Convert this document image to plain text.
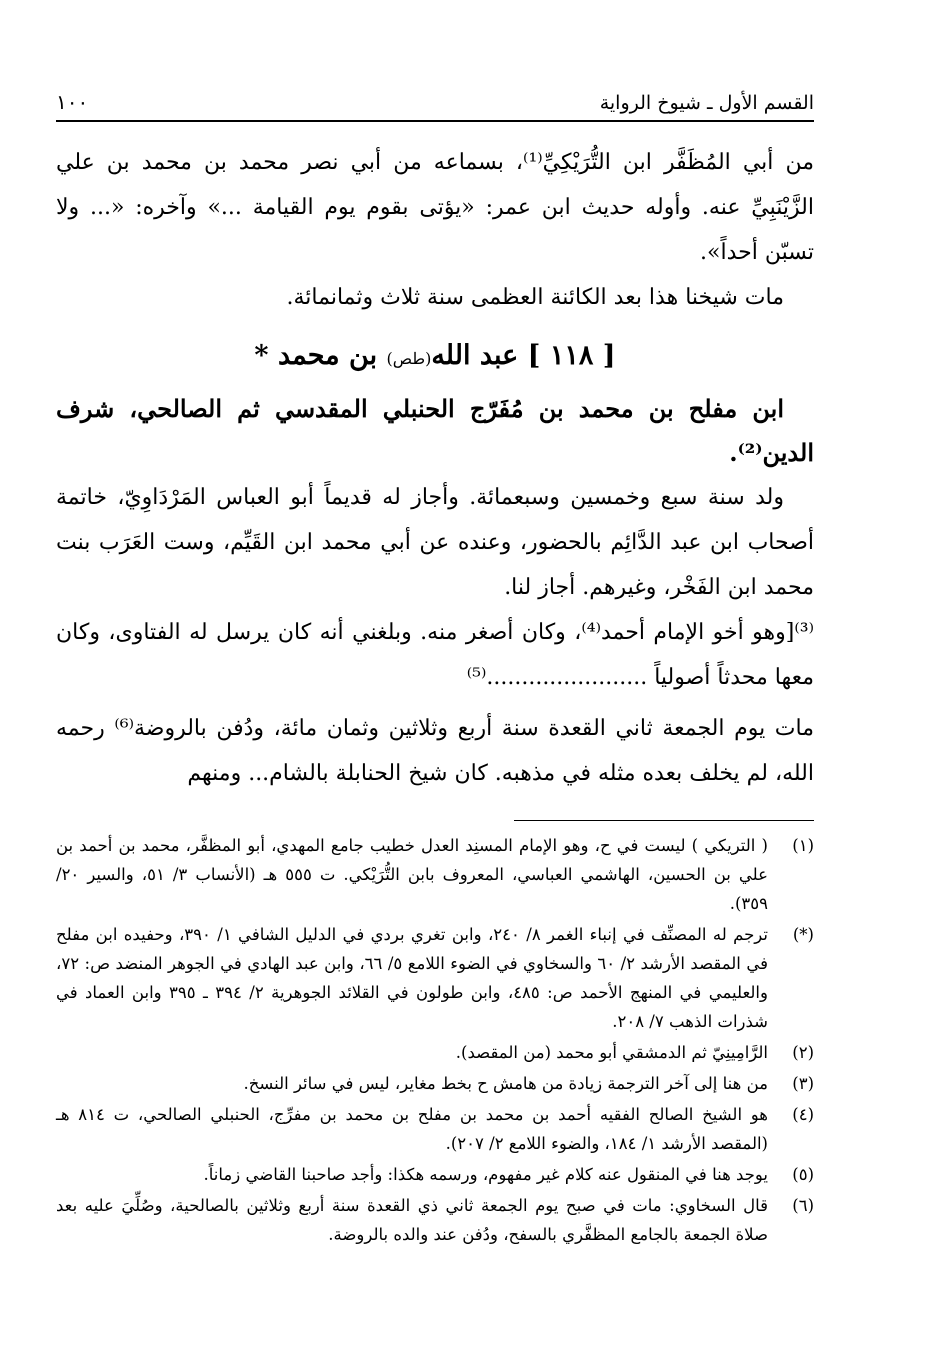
القسم الأول ـ شيوخ الرواية
١٠٠

من أبي المُظَفَّر ابن التُّرَيْكِيِّ⁽¹⁾، بسماعه من أبي نصر محمد بن محمد بن علي الزَّيْنَبِيِّ عنه. وأوله حديث ابن عمر: «يؤتى بقوم يوم القيامة ...» وآخره: «... ولا تسبّن أحداً».

مات شيخنا هذا بعد الكائنة العظمى سنة ثلاث وثمانمائة.

[ ١١٨ ] عبد الله(طص) بن محمد *

ابن مفلح بن محمد بن مُفَرّج الحنبلي المقدسي ثم الصالحي، شرف الدين⁽²⁾.

ولد سنة سبع وخمسين وسبعمائة. وأجاز له قديماً أبو العباس المَرْدَاوِيّ، خاتمة أصحاب ابن عبد الدَّائِم بالحضور، وعنده عن أبي محمد ابن القَيِّم، وست العَرَب بنت محمد ابن الفَخْر، وغيرهم. أجاز لنا.

⁽³⁾[وهو أخو الإمام أحمد⁽⁴⁾، وكان أصغر منه. وبلغني أنه كان يرسل له الفتاوى، وكان معها محدثاً أصولياً .......................⁽⁵⁾

مات يوم الجمعة ثاني القعدة سنة أربع وثلاثين وثمان مائة، ودُفن بالروضة⁽⁶⁾ رحمه الله، لم يخلف بعده مثله في مذهبه. كان شيخ الحنابلة بالشام... ومنهم

(١)
( التريكي ) ليست في ح، وهو الإمام المسنِد العدل خطيب جامع المهدي، أبو المظفَّر، محمد بن أحمد بن علي بن الحسين، الهاشمي العباسي، المعروف بابن التُّرَيْكي. ت ٥٥٥ هـ (الأنساب ٣/ ٥١، والسير ٢٠/ ٣٥٩).
(*)
ترجم له المصنِّف في إنباء الغمر ٨/ ٢٤٠، وابن تغري بردي في الدليل الشافي ١/ ٣٩٠، وحفيده ابن مفلح في المقصد الأرشد ٢/ ٦٠ والسخاوي في الضوء اللامع ٥/ ٦٦، وابن عبد الهادي في الجوهر المنضد ص: ٧٢، والعليمي في المنهج الأحمد ص: ٤٨٥، وابن طولون في القلائد الجوهرية ٢/ ٣٩٤ ـ ٣٩٥ وابن العماد في شذرات الذهب ٧/ ٢٠٨.
(٢)
الرَّامِينِيّ ثم الدمشقي أبو محمد (من المقصد).
(٣)
من هنا إلى آخر الترجمة زيادة من هامش ح بخط مغاير، ليس في سائر النسخ.
(٤)
هو الشيخ الصالح الفقيه أحمد بن محمد بن مفلح بن محمد بن مفرِّج، الحنبلي الصالحي، ت ٨١٤ هـ (المقصد الأرشد ١/ ١٨٤، والضوء اللامع ٢/ ٢٠٧).
(٥)
يوجد هنا في المنقول عنه كلام غير مفهوم، ورسمه هكذا: وأجد صاحبنا القاضي زماناً.
(٦)
قال السخاوي: مات في صبح يوم الجمعة ثاني ذي القعدة سنة أربع وثلاثين بالصالحية، وصُلِّيَ عليه بعد صلاة الجمعة بالجامع المظفَّري بالسفح، ودُفن عند والده بالروضة.
